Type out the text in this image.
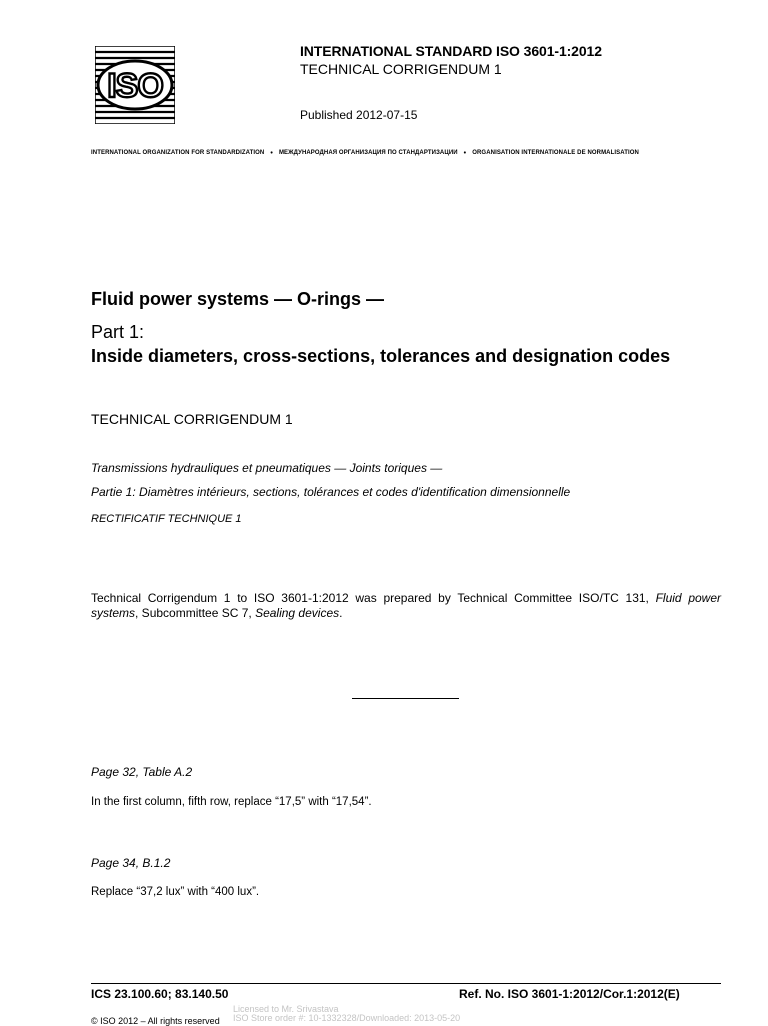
ISO
INTERNATIONAL STANDARD ISO 3601-1:2012
TECHNICAL CORRIGENDUM 1
Published 2012-07-15
INTERNATIONAL ORGANIZATION FOR STANDARDIZATION •	МЕЖДУНАРОДНАЯ ОРГАНИЗАЦИЯ ПО СТАНДАРТИЗАЦИИ •	ORGANISATION INTERNATIONALE DE NORMALISATION
Fluid power systems — O-rings —
Part 1:
Inside diameters, cross-sections, tolerances and designation codes
TECHNICAL CORRIGENDUM 1
Transmissions hydrauliques et pneumatiques — Joints toriques —
Partie 1: Diamètres intérieurs, sections, tolérances et codes d'identification dimensionnelle
RECTIFICATIF TECHNIQUE 1
Technical Corrigendum 1 to ISO 3601-1:2012 was prepared by Technical Committee ISO/TC 131, Fluid power systems, Subcommittee SC 7, Sealing devices.
Page 32, Table A.2
In the first column, fifth row, replace “17,5” with “17,54”.
Page 34, B.1.2
Replace “37,2 lux” with “400 lux”.
ICS 23.100.60; 83.140.50	Ref. No. ISO 3601-1:2012/Cor.1:2012(E)
Licensed to Mr. Srivastava
ISO Store order #: 10-1332328/Downloaded: 2013-05-20
© ISO 2012 – All rights reserved
